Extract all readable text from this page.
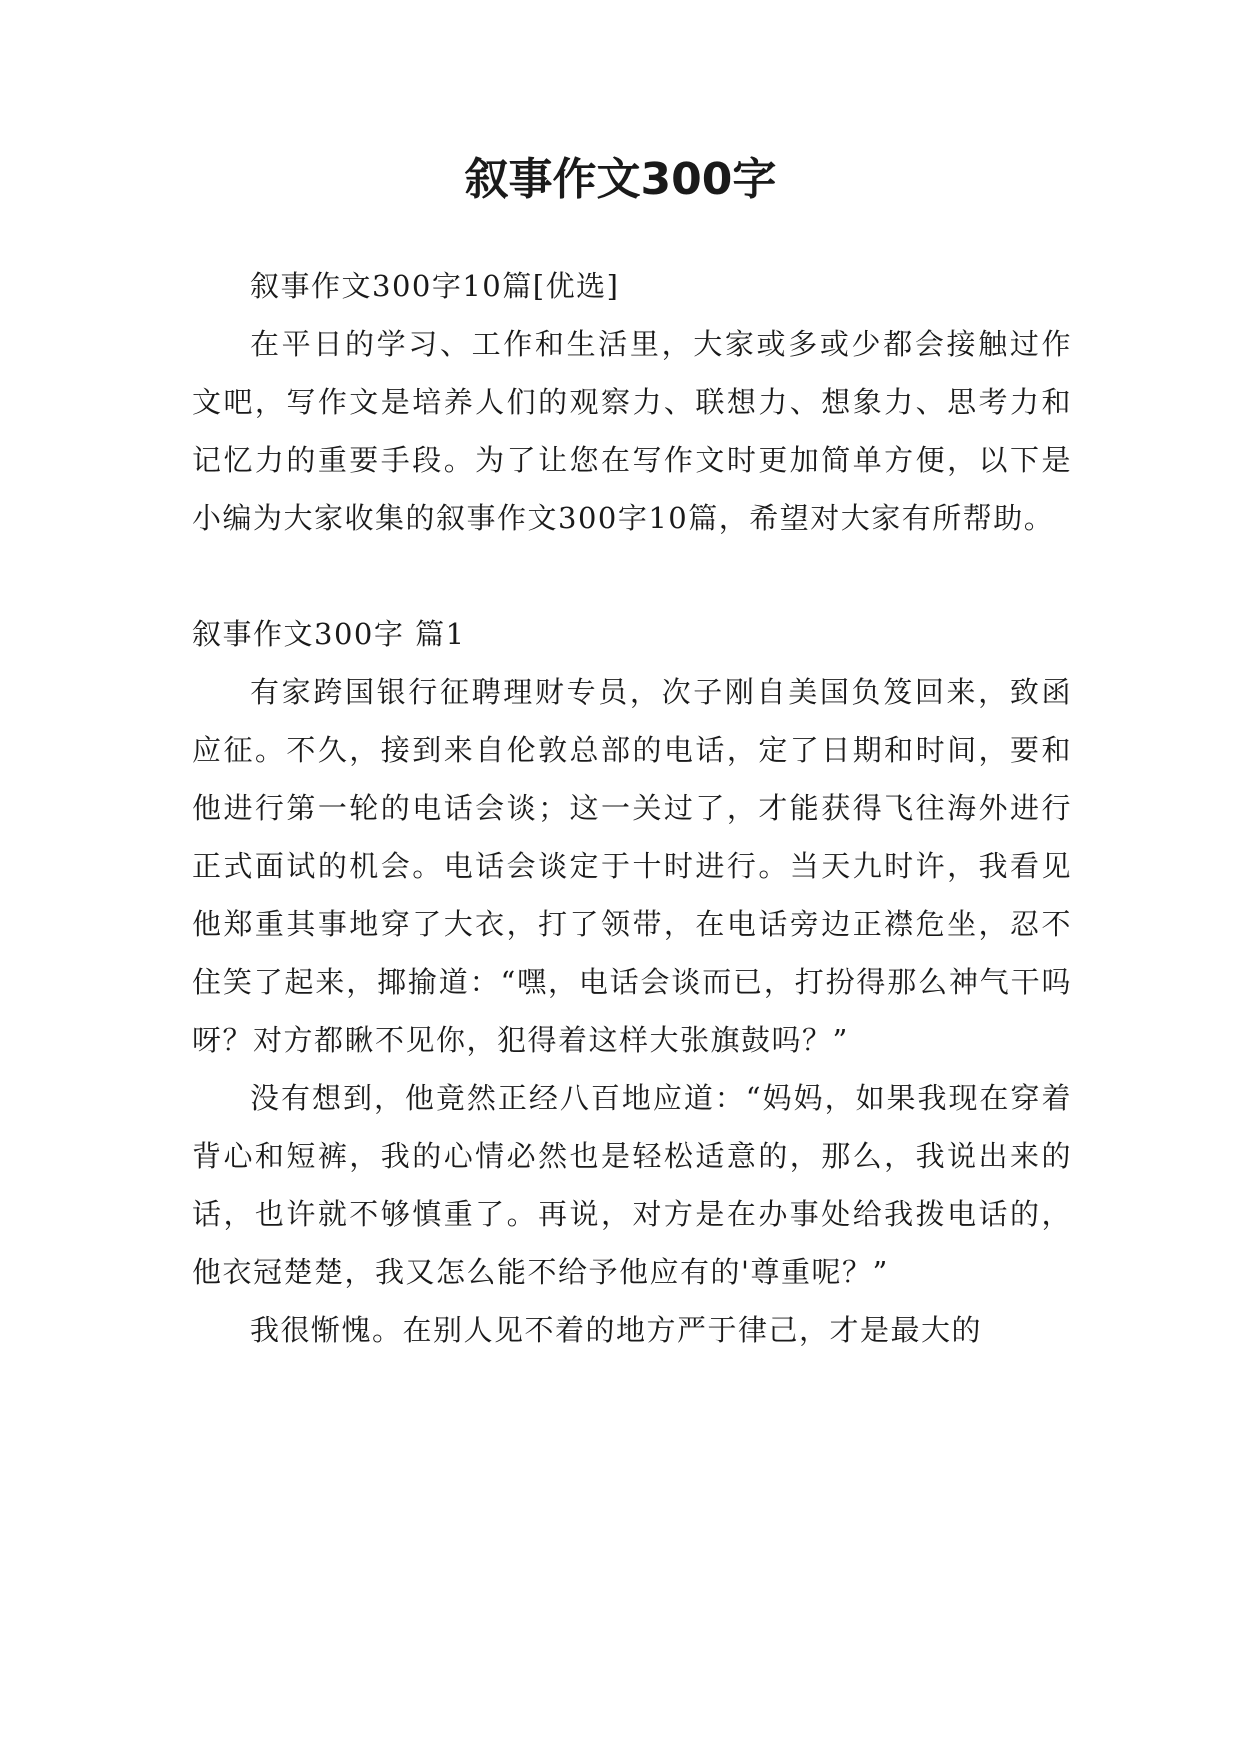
叙事作文300字

叙事作文300字10篇[优选]

在平日的学习、工作和生活里，大家或多或少都会接触过作文吧，写作文是培养人们的观察力、联想力、想象力、思考力和记忆力的重要手段。为了让您在写作文时更加简单方便，以下是小编为大家收集的叙事作文300字10篇，希望对大家有所帮助。

叙事作文300字 篇1

有家跨国银行征聘理财专员，次子刚自美国负笈回来，致函应征。不久，接到来自伦敦总部的电话，定了日期和时间，要和他进行第一轮的电话会谈；这一关过了，才能获得飞往海外进行正式面试的机会。电话会谈定于十时进行。当天九时许，我看见他郑重其事地穿了大衣，打了领带，在电话旁边正襟危坐，忍不住笑了起来，揶揄道：“嘿，电话会谈而已，打扮得那么神气干吗呀？对方都瞅不见你，犯得着这样大张旗鼓吗？”

没有想到，他竟然正经八百地应道：“妈妈，如果我现在穿着背心和短裤，我的心情必然也是轻松适意的，那么，我说出来的话，也许就不够慎重了。再说，对方是在办事处给我拨电话的，他衣冠楚楚，我又怎么能不给予他应有的'尊重呢？”

我很惭愧。在别人见不着的地方严于律己，才是最大的
